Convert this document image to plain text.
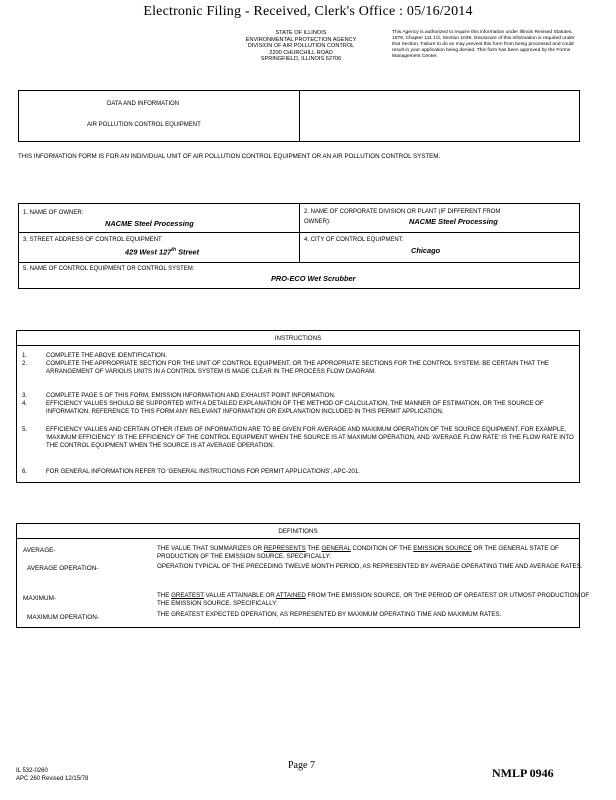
Electronic Filing - Received, Clerk's Office : 05/16/2014
STATE OF ILLINOIS
ENVIRONMENTAL PROTECTION AGENCY
DIVISION OF AIR POLLUTION CONTROL
2200 CHURCHILL ROAD
SPRINGFIELD, ILLINOIS 62706
This Agency is authorized to require this information under Illinois Revised Statutes, 1979, Chapter 111 1/2, Section 1039. Disclosure of this information is required under that Section. Failure to do so may prevent this form from being processed and could result in your application being denied. This form has been approved by the Forms Management Center.
DATA AND INFORMATION
AIR POLLUTION CONTROL EQUIPMENT
THIS INFORMATION FORM IS FOR AN INDIVIDUAL UNIT OF AIR POLLUTION CONTROL EQUIPMENT OR AN AIR POLLUTION CONTROL SYSTEM.
1. NAME OF OWNER:
NACME Steel Processing
2. NAME OF CORPORATE DIVISION OR PLANT (IF DIFFERENT FROM
OWNER):	NACME Steel Processing
3. STREET ADDRESS OF CONTROL EQUIPMENT
429 West 127th Street
4. CITY OF CONTROL EQUIPMENT:
Chicago
5. NAME OF CONTROL EQUIPMENT OR CONTROL SYSTEM:
PRO-ECO Wet Scrubber
INSTRUCTIONS
1.	COMPLETE THE ABOVE IDENTIFICATION.
2.	COMPLETE THE APPROPRIATE SECTION FOR THE UNIT OF CONTROL EQUIPMENT, OR THE APPROPRIATE SECTIONS FOR THE CONTROL SYSTEM. BE CERTAIN THAT THE ARRANGEMENT OF VARIOUS UNITS IN A CONTROL SYSTEM IS MADE CLEAR IN THE PROCESS FLOW DIAGRAM.
3.	COMPLETE PAGE 5 OF THIS FORM, EMISSION INFORMATION AND EXHAUST POINT INFORMATION.
4.	EFFICIENCY VALUES SHOULD BE SUPPORTED WITH A DETAILED EXPLANATION OF THE METHOD OF CALCULATION, THE MANNER OF ESTIMATION, OR THE SOURCE OF INFORMATION. REFERENCE TO THIS FORM ANY RELEVANT INFORMATION OR EXPLANATION INCLUDED IN THIS PERMIT APPLICATION.
5.	EFFICIENCY VALUES AND CERTAIN OTHER ITEMS OF INFORMATION ARE TO BE GIVEN FOR AVERAGE AND MAXIMUM OPERATION OF THE SOURCE EQUIPMENT. FOR EXAMPLE, 'MAXIMUM EFFICIENCY' IS THE EFFICIENCY OF THE CONTROL EQUIPMENT WHEN THE SOURCE IS AT MAXIMUM OPERATION, AND 'AVERAGE FLOW RATE' IS THE FLOW RATE INTO THE CONTROL EQUIPMENT WHEN THE SOURCE IS AT AVERAGE OPERATION.
6.	FOR GENERAL INFORMATION REFER TO 'GENERAL INSTRUCTIONS FOR PERMIT APPLICATIONS', APC-201.
DEFINITIONS
AVERAGE-	THE VALUE THAT SUMMARIZES OR REPRESENTS THE GENERAL CONDITION OF THE EMISSION SOURCE OR THE GENERAL STATE OF PRODUCTION OF THE EMISSION SOURCE. SPECIFICALLY:
AVERAGE OPERATION-	OPERATION TYPICAL OF THE PRECEDING TWELVE MONTH PERIOD, AS REPRESENTED BY AVERAGE OPERATING TIME AND AVERAGE RATES.
MAXIMUM-	THE GREATEST VALUE ATTAINABLE OR ATTAINED FROM THE EMISSION SOURCE, OR THE PERIOD OF GREATEST OR UTMOST PRODUCTION OF THE EMISSION SOURCE. SPECIFICALLY:
MAXIMUM OPERATION-	THE GREATEST EXPECTED OPERATION, AS REPRESENTED BY MAXIMUM OPERATING TIME AND MAXIMUM RATES.
IL 532-0260
APC 260 Revised 12/15/78
Page 7
NMLP 0946
